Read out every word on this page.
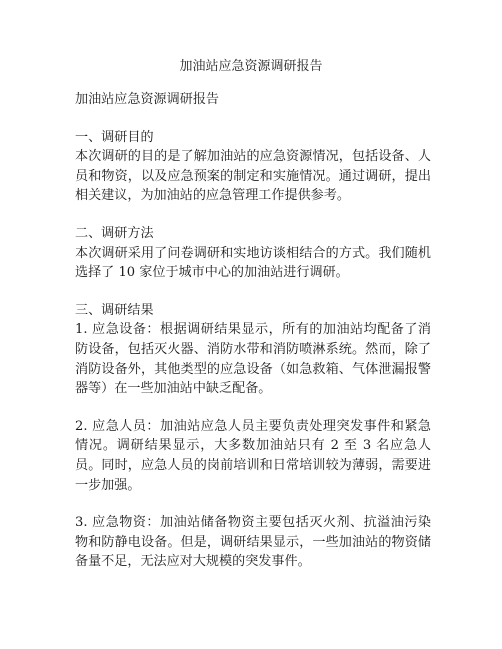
加油站应急资源调研报告

加油站应急资源调研报告

一、调研目的

本次调研的目的是了解加油站的应急资源情况，包括设备、人员和物资，以及应急预案的制定和实施情况。通过调研，提出相关建议，为加油站的应急管理工作提供参考。

二、调研方法

本次调研采用了问卷调研和实地访谈相结合的方式。我们随机选择了 10 家位于城市中心的加油站进行调研。

三、调研结果

1. 应急设备：根据调研结果显示，所有的加油站均配备了消防设备，包括灭火器、消防水带和消防喷淋系统。然而，除了消防设备外，其他类型的应急设备（如急救箱、气体泄漏报警器等）在一些加油站中缺乏配备。

2. 应急人员：加油站应急人员主要负责处理突发事件和紧急情况。调研结果显示，大多数加油站只有 2 至 3 名应急人员。同时，应急人员的岗前培训和日常培训较为薄弱，需要进一步加强。

3. 应急物资：加油站储备物资主要包括灭火剂、抗溢油污染物和防静电设备。但是，调研结果显示，一些加油站的物资储备量不足，无法应对大规模的突发事件。
